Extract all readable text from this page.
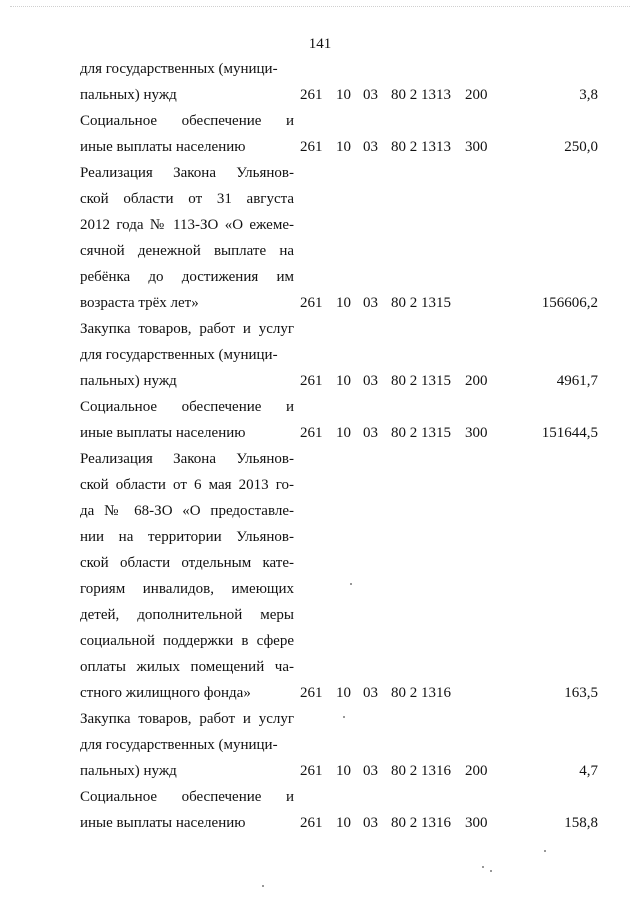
141
для государственных (муници-
пальных) нужд	261 10 03 80 2 1313 200	3,8
Социальное обеспечение и
иные выплаты населению	261 10 03 80 2 1313 300	250,0
Реализация Закона Ульянов-
ской области от 31 августа
2012 года № 113-ЗО «О ежеме-
сячной денежной выплате на
ребёнка до достижения им
возраста трёх лет»	261 10 03 80 2 1315	156606,2
Закупка товаров, работ и услуг
для государственных (муници-
пальных) нужд	261 10 03 80 2 1315 200	4961,7
Социальное обеспечение и
иные выплаты населению	261 10 03 80 2 1315 300	151644,5
Реализация Закона Ульянов-
ской области от 6 мая 2013 го-
да № 68-ЗО «О предоставле-
нии на территории Ульянов-
ской области отдельным кате-
гориям инвалидов, имеющих
детей, дополнительной меры
социальной поддержки в сфере
оплаты жилых помещений ча-
стного жилищного фонда»	261 10 03 80 2 1316	163,5
Закупка товаров, работ и услуг
для государственных (муници-
пальных) нужд	261 10 03 80 2 1316 200	4,7
Социальное обеспечение и
иные выплаты населению	261 10 03 80 2 1316 300	158,8
